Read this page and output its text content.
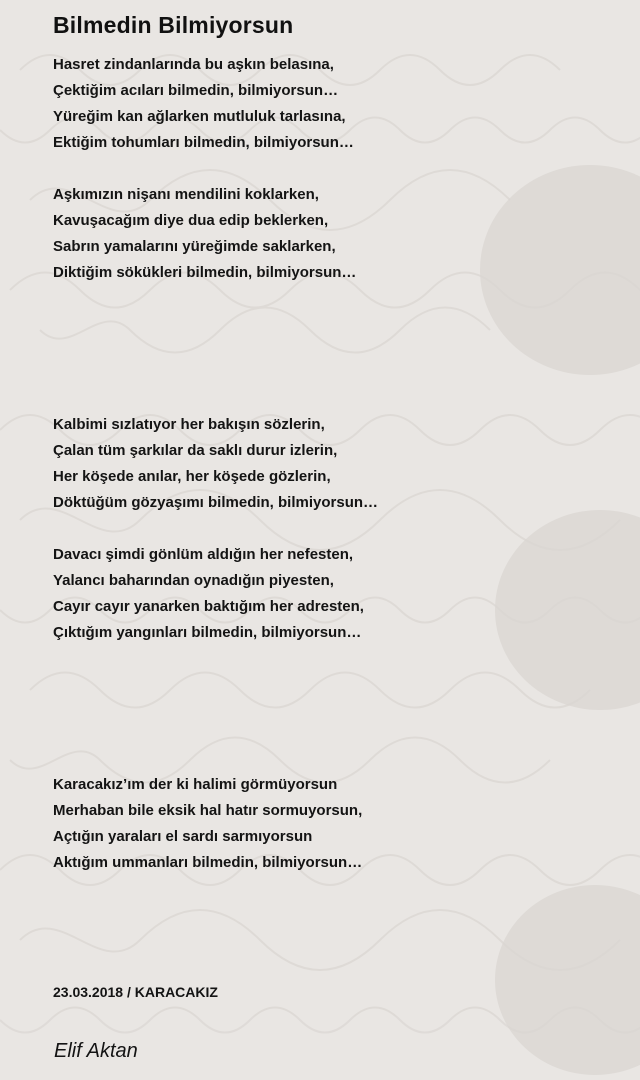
Bilmedin Bilmiyorsun
Hasret zindanlarında bu aşkın belasına,
Çektiğim acıları bilmedin, bilmiyorsun…
Yüreğim kan ağlarken mutluluk tarlasına,
Ektiğim tohumları bilmedin, bilmiyorsun…
Aşkımızın nişanı mendilini koklarken,
Kavuşacağım diye dua edip beklerken,
Sabrın yamalarını yüreğimde saklarken,
Diktiğim sökükleri bilmedin, bilmiyorsun…
Kalbimi sızlatıyor her bakışın sözlerin,
Çalan tüm şarkılar da saklı durur izlerin,
Her köşede anılar, her köşede gözlerin,
Döktüğüm gözyaşımı bilmedin, bilmiyorsun…
Davacı şimdi gönlüm aldığın her nefesten,
Yalancı baharından oynadığın piyesten,
Cayır cayır yanarken baktığım her adresten,
Çıktığım yangınları bilmedin, bilmiyorsun…
Karacakız’ım der ki halimi görmüyorsun
Merhaban bile eksik hal hatır sormuyorsun,
Açtığın yaraları el sardı sarmıyorsun
Aktığım ummanları bilmedin, bilmiyorsun…
23.03.2018 / KARACAKIZ
Elif Aktan
